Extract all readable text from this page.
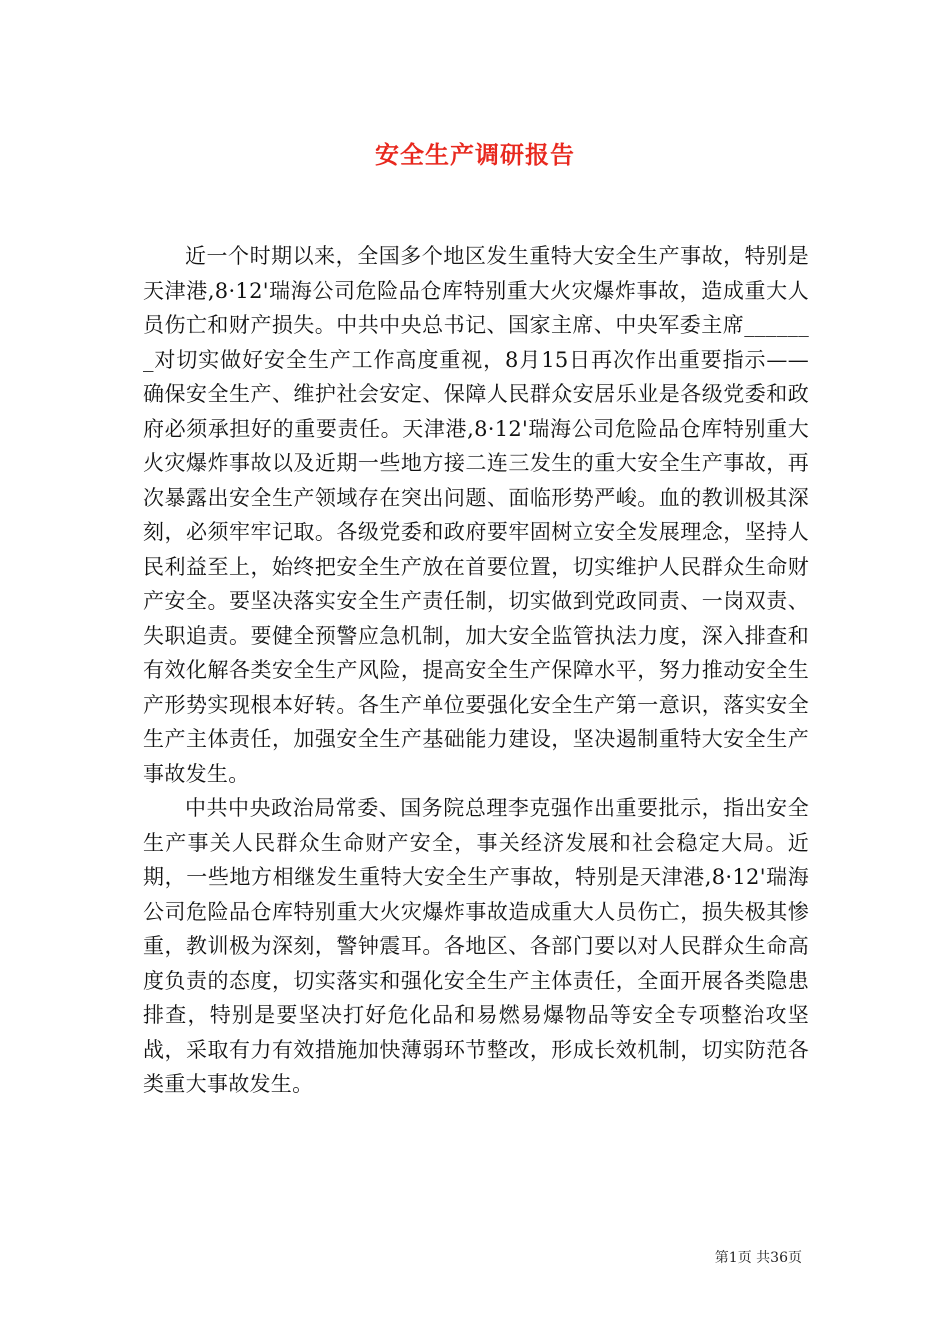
安全生产调研报告

近一个时期以来，全国多个地区发生重特大安全生产事故，特别是天津港,8·12'瑞海公司危险品仓库特别重大火灾爆炸事故，造成重大人员伤亡和财产损失。中共中央总书记、国家主席、中央军委主席_______对切实做好安全生产工作高度重视，8月15日再次作出重要指示——确保安全生产、维护社会安定、保障人民群众安居乐业是各级党委和政府必须承担好的重要责任。天津港,8·12'瑞海公司危险品仓库特别重大火灾爆炸事故以及近期一些地方接二连三发生的重大安全生产事故，再次暴露出安全生产领域存在突出问题、面临形势严峻。血的教训极其深刻，必须牢牢记取。各级党委和政府要牢固树立安全发展理念，坚持人民利益至上，始终把安全生产放在首要位置，切实维护人民群众生命财产安全。要坚决落实安全生产责任制，切实做到党政同责、一岗双责、失职追责。要健全预警应急机制，加大安全监管执法力度，深入排查和有效化解各类安全生产风险，提高安全生产保障水平，努力推动安全生产形势实现根本好转。各生产单位要强化安全生产第一意识，落实安全生产主体责任，加强安全生产基础能力建设，坚决遏制重特大安全生产事故发生。

中共中央政治局常委、国务院总理李克强作出重要批示，指出安全生产事关人民群众生命财产安全，事关经济发展和社会稳定大局。近期，一些地方相继发生重特大安全生产事故，特别是天津港,8·12'瑞海公司危险品仓库特别重大火灾爆炸事故造成重大人员伤亡，损失极其惨重，教训极为深刻，警钟震耳。各地区、各部门要以对人民群众生命高度负责的态度，切实落实和强化安全生产主体责任，全面开展各类隐患排查，特别是要坚决打好危化品和易燃易爆物品等安全专项整治攻坚战，采取有力有效措施加快薄弱环节整改，形成长效机制，切实防范各类重大事故发生。

第1页 共36页
